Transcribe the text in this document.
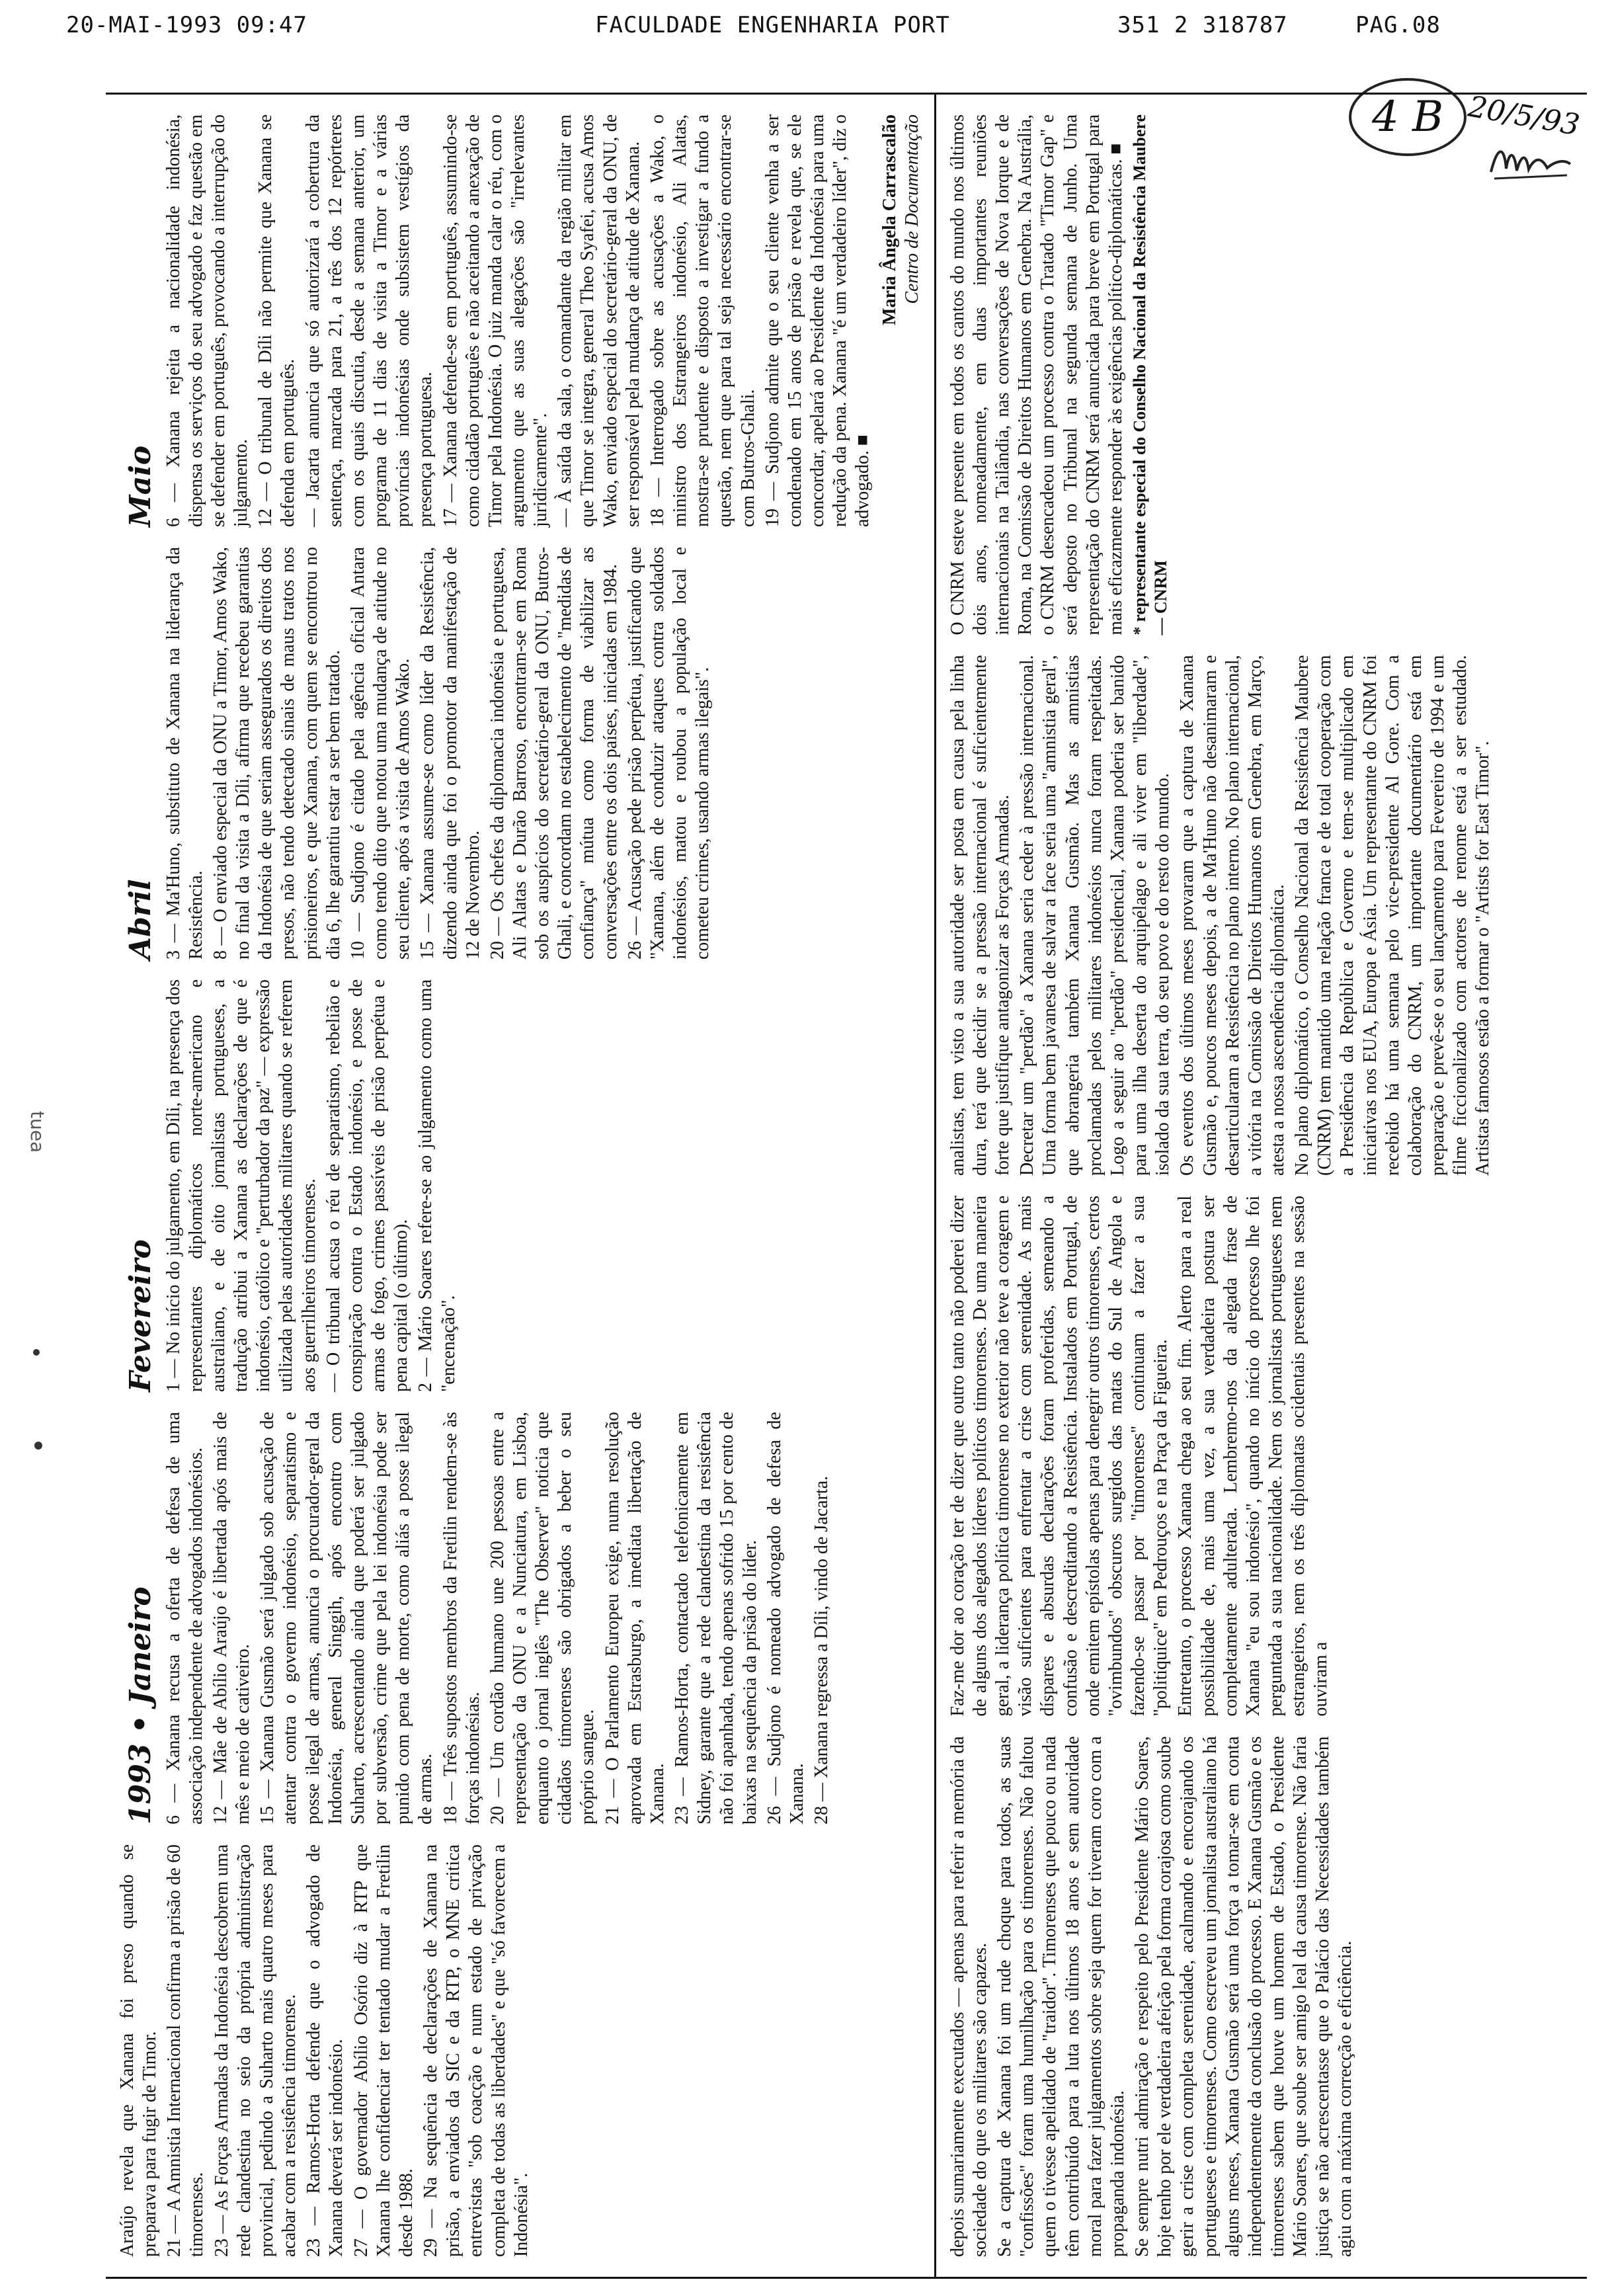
20-MAI-1993 09:47	FACULDADE ENGENHARIA PORT	351 2 318787	PAG.08
4 B 20/5/93
tuea

Araújo revela que Xanana foi preso quando se preparava para fugir de Timor. 21 — A Amnistia Internacional confirma a prisão de 60 timorenses. 23 — As Forças Armadas da Indonésia descobrem uma rede clandestina no seio da própria administração provincial, pedindo a Suharto mais quatro meses para acabar com a resistência timorense. 23 — Ramos-Horta defende que o advogado de Xanana deverá ser indonésio. 27 — O governador Abílio Osório diz à RTP que Xanana lhe confidenciar ter tentado mudar a Fretilin desde 1988. 29 — Na sequência de declarações de Xanana na prisão, a enviados da SIC e da RTP, o MNE critica entrevistas "sob coacção e num estado de privação completa de todas as liberdades" e que "só favorecem a Indonésia".

1993 • Janeiro 6 — Xanana recusa a oferta de defesa de uma associação independente de advogados indonésios. 12 — Mãe de Abílio Araújo é libertada após mais de mês e meio de cativeiro. 15 — Xanana Gusmão será julgado sob acusação de atentar contra o governo indonésio, separatismo e posse ilegal de armas, anuncia o procurador-geral da Indonésia, general Singgih, após encontro com Suharto, acrescentando ainda que poderá ser julgado por subversão, crime que pela lei indonésia pode ser punido com pena de morte, como aliás a posse ilegal de armas. 18 — Três supostos membros da Fretilin rendem-se às forças indonésias. 20 — Um cordão humano une 200 pessoas entre a representação da ONU e a Nunciatura, em Lisboa, enquanto o jornal inglês "The Observer" noticia que cidadãos timorenses são obrigados a beber o seu próprio sangue. 21 — O Parlamento Europeu exige, numa resolução aprovada em Estrasburgo, a imediata libertação de Xanana. 23 — Ramos-Horta, contactado telefonicamente em Sidney, garante que a rede clandestina da resistência não foi apanhada, tendo apenas sofrido 15 por cento de baixas na sequência da prisão do líder. 26 — Sudjono é nomeado advogado de defesa de Xanana. 28 — Xanana regressa a Díli, vindo de Jacarta.

Fevereiro 1 — No início do julgamento, em Díli, na presença dos representantes diplomáticos norte-americano e australiano, e de oito jornalistas portugueses, a tradução atribui a Xanana as declarações de que é indonésio, católico e "perturbador da paz" — expressão utilizada pelas autoridades militares quando se referem aos guerrilheiros timorenses. — O tribunal acusa o réu de separatismo, rebelião e conspiração contra o Estado indonésio, e posse de armas de fogo, crimes passíveis de prisão perpétua e pena capital (o último). 2 — Mário Soares refere-se ao julgamento como uma "encenação".

Abril 3 — Ma'Huno, substituto de Xanana na liderança da Resistência. 8 — O enviado especial da ONU a Timor, Amos Wako, no final da visita a Díli, afirma que recebeu garantias da Indonésia de que seriam assegurados os direitos dos presos, não tendo detectado sinais de maus tratos nos prisioneiros, e que Xanana, com quem se encontrou no dia 6, lhe garantiu estar a ser bem tratado. 10 — Sudjono é citado pela agência oficial Antara como tendo dito que notou uma mudança de atitude no seu cliente, após a visita de Amos Wako. 15 — Xanana assume-se como líder da Resistência, dizendo ainda que foi o promotor da manifestação de 12 de Novembro. 20 — Os chefes da diplomacia indonésia e portuguesa, Ali Alatas e Durão Barroso, encontram-se em Roma sob os auspícios do secretário-geral da ONU, Butros-Ghali, e concordam no estabelecimento de "medidas de confiança" mútua como forma de viabilizar as conversações entre os dois países, iniciadas em 1984. 26 — Acusação pede prisão perpétua, justificando que "Xanana, além de conduzir ataques contra soldados indonésios, matou e roubou a população local e cometeu crimes, usando armas ilegais".

Maio 6 — Xanana rejeita a nacionalidade indonésia, dispensa os serviços do seu advogado e faz questão em se defender em português, provocando a interrupção do julgamento. 12 — O tribunal de Díli não permite que Xanana se defenda em português. — Jacarta anuncia que só autorizará a cobertura da sentença, marcada para 21, a três dos 12 repórteres com os quais discutia, desde a semana anterior, um programa de 11 dias de visita a Timor e a várias províncias indonésias onde subsistem vestígios da presença portuguesa. 17 — Xanana defende-se em português, assumindo-se como cidadão português e não aceitando a anexação de Timor pela Indonésia. O juiz manda calar o réu, com o argumento que as suas alegações são "irrelevantes juridicamente". — À saída da sala, o comandante da região militar em que Timor se integra, general Theo Syafei, acusa Amos Wako, enviado especial do secretário-geral da ONU, de ser responsável pela mudança de atitude de Xanana. 18 — Interrogado sobre as acusações a Wako, o ministro dos Estrangeiros indonésio, Ali Alatas, mostra-se prudente e disposto a investigar a fundo a questão, nem que para tal seja necessário encontrar-se com Butros-Ghali. 19 — Sudjono admite que o seu cliente venha a ser condenado em 15 anos de prisão e revela que, se ele concordar, apelará ao Presidente da Indonésia para uma redução da pena. Xanana "é um verdadeiro líder", diz o advogado. ■

Maria Ângela Carrascalão Centro de Documentação

depois sumariamente executados — apenas para referir a memória da sociedade do que os militares são capazes. Se a captura de Xanana foi um rude choque para todos, as suas "confissões" foram uma humilhação para os timorenses. Não faltou quem o tivesse apelidado de "traidor". Timorenses que pouco ou nada têm contribuído para a luta nos últimos 18 anos e sem autoridade moral para fazer julgamentos sobre seja quem for tiveram coro com a propaganda indonésia. Se sempre nutri admiração e respeito pelo Presidente Mário Soares, hoje tenho por ele verdadeira afeição pela forma corajosa como soube gerir a crise com completa serenidade, acalmando e encorajando os portugueses e timorenses. Como escreveu um jornalista australiano há alguns meses, Xanana Gusmão será uma força a tomar-se em conta independentemente da conclusão do processo. E Xanana Gusmão e os timorenses sabem que houve um homem de Estado, o Presidente Mário Soares, que soube ser amigo leal da causa timorense. Não faria justiça se não acrescentasse que o Palácio das Necessidades também agiu com a máxima correcção e eficiência.

Faz-me dor ao coração ter de dizer que outro tanto não poderei dizer de alguns dos alegados líderes políticos timorenses. De uma maneira geral, a liderança política timorense no exterior não teve a coragem e visão suficientes para enfrentar a crise com serenidade. As mais díspares e absurdas declarações foram proferidas, semeando a confusão e descreditando a Resistência. Instalados em Portugal, de onde emitem epístolas apenas para denegrir outros timorenses, certos "ovimbundos" obscuros surgidos das matas do Sul de Angola e fazendo-se passar por "timorenses" continuam a fazer a sua "politiquice" em Pedrouços e na Praça da Figueira. Entretanto, o processo Xanana chega ao seu fim. Alerto para a real possibilidade de, mais uma vez, a sua verdadeira postura ser completamente adulterada. Lembremo-nos da alegada frase de Xanana "eu sou indonésio", quando no início do processo lhe foi perguntada a sua nacionalidade. Nem os jornalistas portugueses nem estrangeiros, nem os três diplomatas ocidentais presentes na sessão ouviram a

analistas, tem visto a sua autoridade ser posta em causa pela linha dura, terá que decidir se a pressão internacional é suficientemente forte que justifique antagonizar as Forças Armadas. Decretar um "perdão" a Xanana seria ceder à pressão internacional. Uma forma bem javanesa de salvar a face seria uma "amnistia geral", que abrangeria também Xanana Gusmão. Mas as amnistias proclamadas pelos militares indonésios nunca foram respeitadas. Logo a seguir ao "perdão" presidencial, Xanana poderia ser banido para uma ilha deserta do arquipélago e ali viver em "liberdade", isolado da sua terra, do seu povo e do resto do mundo. Os eventos dos últimos meses provaram que a captura de Xanana Gusmão e, poucos meses depois, a de Ma'Huno não desanimaram e desarticularam a Resistência no plano interno. No plano internacional, a vitória na Comissão de Direitos Humanos em Genebra, em Março, atesta a nossa ascendência diplomática. No plano diplomático, o Conselho Nacional da Resistência Maubere (CNRM) tem mantido uma relação franca e de total cooperação com a Presidência da República e Governo e tem-se multiplicado em iniciativas nos EUA, Europa e Ásia. Um representante do CNRM foi recebido há uma semana pelo vice-presidente Al Gore. Com a colaboração do CNRM, um importante documentário está em preparação e prevê-se o seu lançamento para Fevereiro de 1994 e um filme ficcionalizado com actores de renome está a ser estudado. Artistas famosos estão a formar o "Artists for East Timor".

O CNRM esteve presente em todos os cantos do mundo nos últimos dois anos, nomeadamente, em duas importantes reuniões internacionais na Tailândia, nas conversações de Nova Iorque e de Roma, na Comissão de Direitos Humanos em Genebra. Na Austrália, o CNRM desencadeou um processo contra o Tratado "Timor Gap" e será deposto no Tribunal na segunda semana de Junho. Uma representação do CNRM será anunciada para breve em Portugal para mais eficazmente responder às exigências político-diplomáticas. ■ * representante especial do Conselho Nacional da Resistência Maubere — CNRM
